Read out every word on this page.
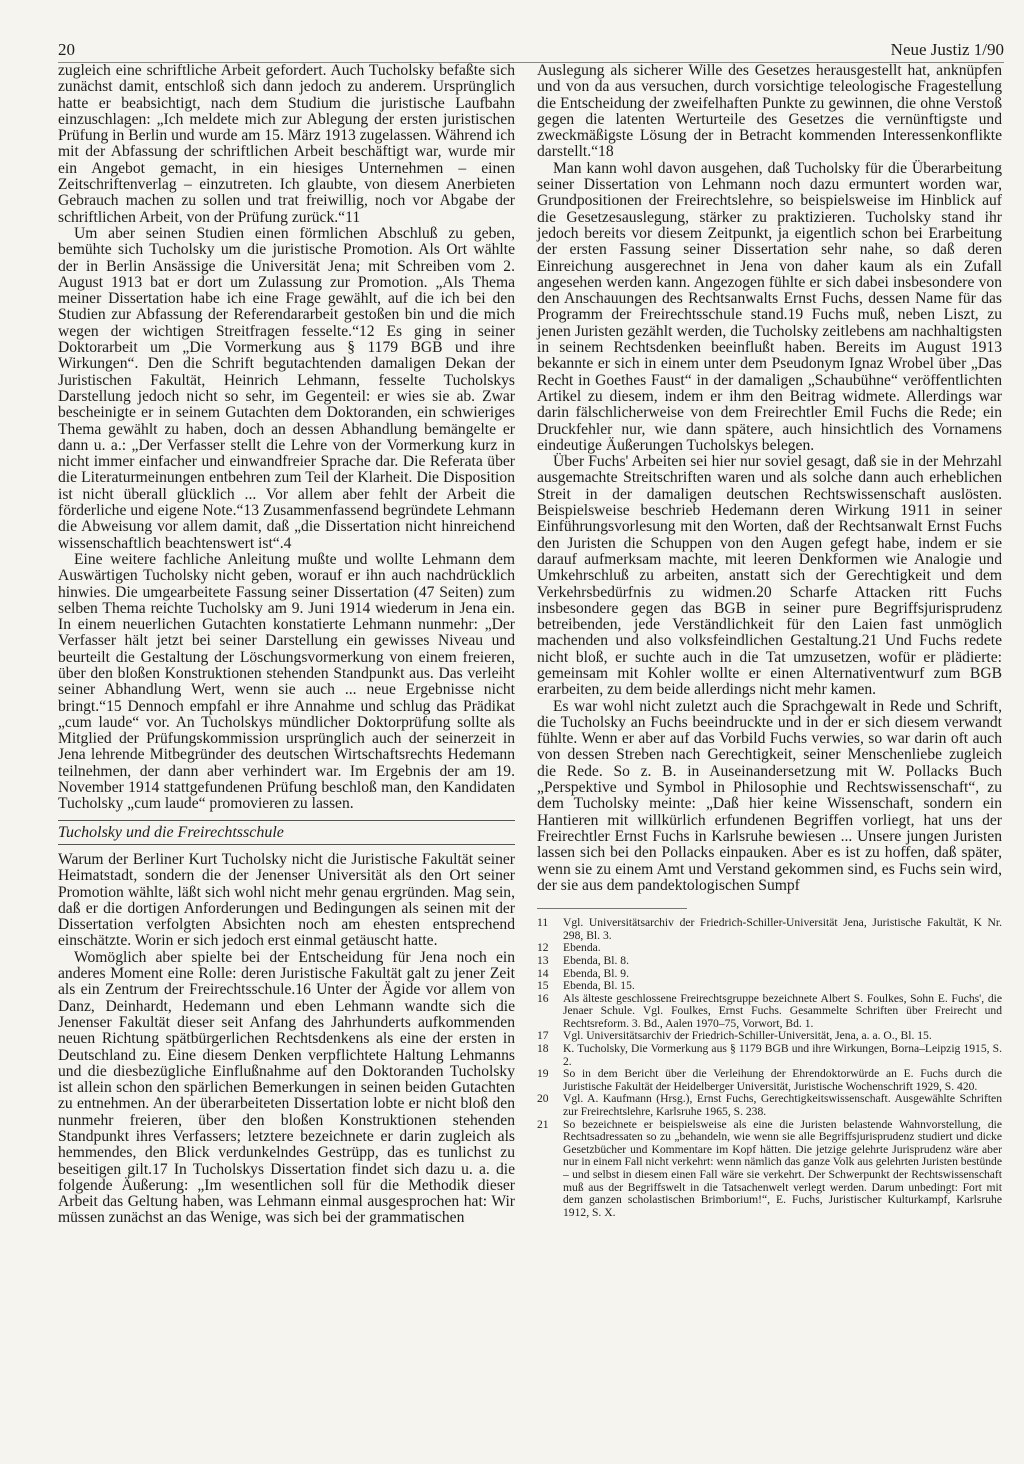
20	Neue Justiz 1/90

zugleich eine schriftliche Arbeit gefordert. Auch Tucholsky befaßte sich zunächst damit, entschloß sich dann jedoch zu anderem. Ursprünglich hatte er beabsichtigt, nach dem Studium die juristische Laufbahn einzuschlagen: „Ich meldete mich zur Ablegung der ersten juristischen Prüfung in Berlin und wurde am 15. März 1913 zugelassen. Während ich mit der Abfassung der schriftlichen Arbeit beschäftigt war, wurde mir ein Angebot gemacht, in ein hiesiges Unternehmen – einen Zeitschriftenverlag – einzutreten. Ich glaubte, von diesem Anerbieten Gebrauch machen zu sollen und trat freiwillig, noch vor Abgabe der schriftlichen Arbeit, von der Prüfung zurück.“11

Um aber seinen Studien einen förmlichen Abschluß zu geben, bemühte sich Tucholsky um die juristische Promotion. Als Ort wählte der in Berlin Ansässige die Universität Jena; mit Schreiben vom 2. August 1913 bat er dort um Zulassung zur Promotion. „Als Thema meiner Dissertation habe ich eine Frage gewählt, auf die ich bei den Studien zur Abfassung der Referendararbeit gestoßen bin und die mich wegen der wichtigen Streitfragen fesselte.“12 Es ging in seiner Doktorarbeit um „Die Vormerkung aus § 1179 BGB und ihre Wirkungen“. Den die Schrift begutachtenden damaligen Dekan der Juristischen Fakultät, Heinrich Lehmann, fesselte Tucholskys Darstellung jedoch nicht so sehr, im Gegenteil: er wies sie ab. Zwar bescheinigte er in seinem Gutachten dem Doktoranden, ein schwieriges Thema gewählt zu haben, doch an dessen Abhandlung bemängelte er dann u. a.: „Der Verfasser stellt die Lehre von der Vormerkung kurz in nicht immer einfacher und einwandfreier Sprache dar. Die Referata über die Literaturmeinungen entbehren zum Teil der Klarheit. Die Disposition ist nicht überall glücklich ... Vor allem aber fehlt der Arbeit die förderliche und eigene Note.“13 Zusammenfassend begründete Lehmann die Abweisung vor allem damit, daß „die Dissertation nicht hinreichend wissenschaftlich beachtenswert ist“.4

Eine weitere fachliche Anleitung mußte und wollte Lehmann dem Auswärtigen Tucholsky nicht geben, worauf er ihn auch nachdrücklich hinwies. Die umgearbeitete Fassung seiner Dissertation (47 Seiten) zum selben Thema reichte Tucholsky am 9. Juni 1914 wiederum in Jena ein. In einem neuerlichen Gutachten konstatierte Lehmann nunmehr: „Der Verfasser hält jetzt bei seiner Darstellung ein gewisses Niveau und beurteilt die Gestaltung der Löschungsvormerkung von einem freieren, über den bloßen Konstruktionen stehenden Standpunkt aus. Das verleiht seiner Abhandlung Wert, wenn sie auch ... neue Ergebnisse nicht bringt.“15 Dennoch empfahl er ihre Annahme und schlug das Prädikat „cum laude“ vor. An Tucholskys mündlicher Doktorprüfung sollte als Mitglied der Prüfungskommission ursprünglich auch der seinerzeit in Jena lehrende Mitbegründer des deutschen Wirtschaftsrechts Hedemann teilnehmen, der dann aber verhindert war. Im Ergebnis der am 19. November 1914 stattgefundenen Prüfung beschloß man, den Kandidaten Tucholsky „cum laude“ promovieren zu lassen.

Tucholsky und die Freirechtsschule

Warum der Berliner Kurt Tucholsky nicht die Juristische Fakultät seiner Heimatstadt, sondern die der Jenenser Universität als den Ort seiner Promotion wählte, läßt sich wohl nicht mehr genau ergründen. Mag sein, daß er die dortigen Anforderungen und Bedingungen als seinen mit der Dissertation verfolgten Absichten noch am ehesten entsprechend einschätzte. Worin er sich jedoch erst einmal getäuscht hatte.

Womöglich aber spielte bei der Entscheidung für Jena noch ein anderes Moment eine Rolle: deren Juristische Fakultät galt zu jener Zeit als ein Zentrum der Freirechtsschule.16 Unter der Ägide vor allem von Danz, Deinhardt, Hedemann und eben Lehmann wandte sich die Jenenser Fakultät dieser seit Anfang des Jahrhunderts aufkommenden neuen Richtung spätbürgerlichen Rechtsdenkens als eine der ersten in Deutschland zu. Eine diesem Denken verpflichtete Haltung Lehmanns und die diesbezügliche Einflußnahme auf den Doktoranden Tucholsky ist allein schon den spärlichen Bemerkungen in seinen beiden Gutachten zu entnehmen. An der überarbeiteten Dissertation lobte er nicht bloß den nunmehr freieren, über den bloßen Konstruktionen stehenden Standpunkt ihres Verfassers; letztere bezeichnete er darin zugleich als hemmendes, den Blick verdunkelndes Gestrüpp, das es tunlichst zu beseitigen gilt.17 In Tucholskys Dissertation findet sich dazu u. a. die folgende Äußerung: „Im wesentlichen soll für die Methodik dieser Arbeit das Geltung haben, was Lehmann einmal ausgesprochen hat: Wir müssen zunächst an das Wenige, was sich bei der grammatischen

Auslegung als sicherer Wille des Gesetzes herausgestellt hat, anknüpfen und von da aus versuchen, durch vorsichtige teleologische Fragestellung die Entscheidung der zweifelhaften Punkte zu gewinnen, die ohne Verstoß gegen die latenten Werturteile des Gesetzes die vernünftigste und zweckmäßigste Lösung der in Betracht kommenden Interessenkonflikte darstellt.“18

Man kann wohl davon ausgehen, daß Tucholsky für die Überarbeitung seiner Dissertation von Lehmann noch dazu ermuntert worden war, Grundpositionen der Freirechtslehre, so beispielsweise im Hinblick auf die Gesetzesauslegung, stärker zu praktizieren. Tucholsky stand ihr jedoch bereits vor diesem Zeitpunkt, ja eigentlich schon bei Erarbeitung der ersten Fassung seiner Dissertation sehr nahe, so daß deren Einreichung ausgerechnet in Jena von daher kaum als ein Zufall angesehen werden kann. Angezogen fühlte er sich dabei insbesondere von den Anschauungen des Rechtsanwalts Ernst Fuchs, dessen Name für das Programm der Freirechtsschule stand.19 Fuchs muß, neben Liszt, zu jenen Juristen gezählt werden, die Tucholsky zeitlebens am nachhaltigsten in seinem Rechtsdenken beeinflußt haben. Bereits im August 1913 bekannte er sich in einem unter dem Pseudonym Ignaz Wrobel über „Das Recht in Goethes Faust“ in der damaligen „Schaubühne“ veröffentlichten Artikel zu diesem, indem er ihm den Beitrag widmete. Allerdings war darin fälschlicherweise von dem Freirechtler Emil Fuchs die Rede; ein Druckfehler nur, wie dann spätere, auch hinsichtlich des Vornamens eindeutige Äußerungen Tucholskys belegen.

Über Fuchs' Arbeiten sei hier nur soviel gesagt, daß sie in der Mehrzahl ausgemachte Streitschriften waren und als solche dann auch erheblichen Streit in der damaligen deutschen Rechtswissenschaft auslösten. Beispielsweise beschrieb Hedemann deren Wirkung 1911 in seiner Einführungsvorlesung mit den Worten, daß der Rechtsanwalt Ernst Fuchs den Juristen die Schuppen von den Augen gefegt habe, indem er sie darauf aufmerksam machte, mit leeren Denkformen wie Analogie und Umkehrschluß zu arbeiten, anstatt sich der Gerechtigkeit und dem Verkehrsbedürfnis zu widmen.20 Scharfe Attacken ritt Fuchs insbesondere gegen das BGB in seiner pure Begriffsjurisprudenz betreibenden, jede Verständlichkeit für den Laien fast unmöglich machenden und also volksfeindlichen Gestaltung.21 Und Fuchs redete nicht bloß, er suchte auch in die Tat umzusetzen, wofür er plädierte: gemeinsam mit Kohler wollte er einen Alternativentwurf zum BGB erarbeiten, zu dem beide allerdings nicht mehr kamen.

Es war wohl nicht zuletzt auch die Sprachgewalt in Rede und Schrift, die Tucholsky an Fuchs beeindruckte und in der er sich diesem verwandt fühlte. Wenn er aber auf das Vorbild Fuchs verwies, so war darin oft auch von dessen Streben nach Gerechtigkeit, seiner Menschenliebe zugleich die Rede. So z. B. in Auseinandersetzung mit W. Pollacks Buch „Perspektive und Symbol in Philosophie und Rechtswissenschaft“, zu dem Tucholsky meinte: „Daß hier keine Wissenschaft, sondern ein Hantieren mit willkürlich erfundenen Begriffen vorliegt, hat uns der Freirechtler Ernst Fuchs in Karlsruhe bewiesen ... Unsere jungen Juristen lassen sich bei den Pollacks einpauken. Aber es ist zu hoffen, daß später, wenn sie zu einem Amt und Verstand gekommen sind, es Fuchs sein wird, der sie aus dem pandektologischen Sumpf

11	Vgl. Universitätsarchiv der Friedrich-Schiller-Universität Jena, Juristische Fakultät, K Nr. 298, Bl. 3.
12	Ebenda.
13	Ebenda, Bl. 8.
14	Ebenda, Bl. 9.
15	Ebenda, Bl. 15.
16	Als älteste geschlossene Freirechtsgruppe bezeichnete Albert S. Foulkes, Sohn E. Fuchs', die Jenaer Schule. Vgl. Foulkes, Ernst Fuchs. Gesammelte Schriften über Freirecht und Rechtsreform. 3. Bd., Aalen 1970–75, Vorwort, Bd. 1.
17	Vgl. Universitätsarchiv der Friedrich-Schiller-Universität, Jena, a. a. O., Bl. 15.
18	K. Tucholsky, Die Vormerkung aus § 1179 BGB und ihre Wirkungen, Borna–Leipzig 1915, S. 2.
19	So in dem Bericht über die Verleihung der Ehrendoktorwürde an E. Fuchs durch die Juristische Fakultät der Heidelberger Universität, Juristische Wochenschrift 1929, S. 420.
20	Vgl. A. Kaufmann (Hrsg.), Ernst Fuchs, Gerechtigkeitswissenschaft. Ausgewählte Schriften zur Freirechtslehre, Karlsruhe 1965, S. 238.
21	So bezeichnete er beispielsweise als eine die Juristen belastende Wahnvorstellung, die Rechtsadressaten so zu „behandeln, wie wenn sie alle Begriffsjurisprudenz studiert und dicke Gesetzbücher und Kommentare im Kopf hätten. Die jetzige gelehrte Jurisprudenz wäre aber nur in einem Fall nicht verkehrt: wenn nämlich das ganze Volk aus gelehrten Juristen bestünde – und selbst in diesem einen Fall wäre sie verkehrt. Der Schwerpunkt der Rechtswissenschaft muß aus der Begriffswelt in die Tatsachenwelt verlegt werden. Darum unbedingt: Fort mit dem ganzen scholastischen Brimborium!“, E. Fuchs, Juristischer Kulturkampf, Karlsruhe 1912, S. X.
